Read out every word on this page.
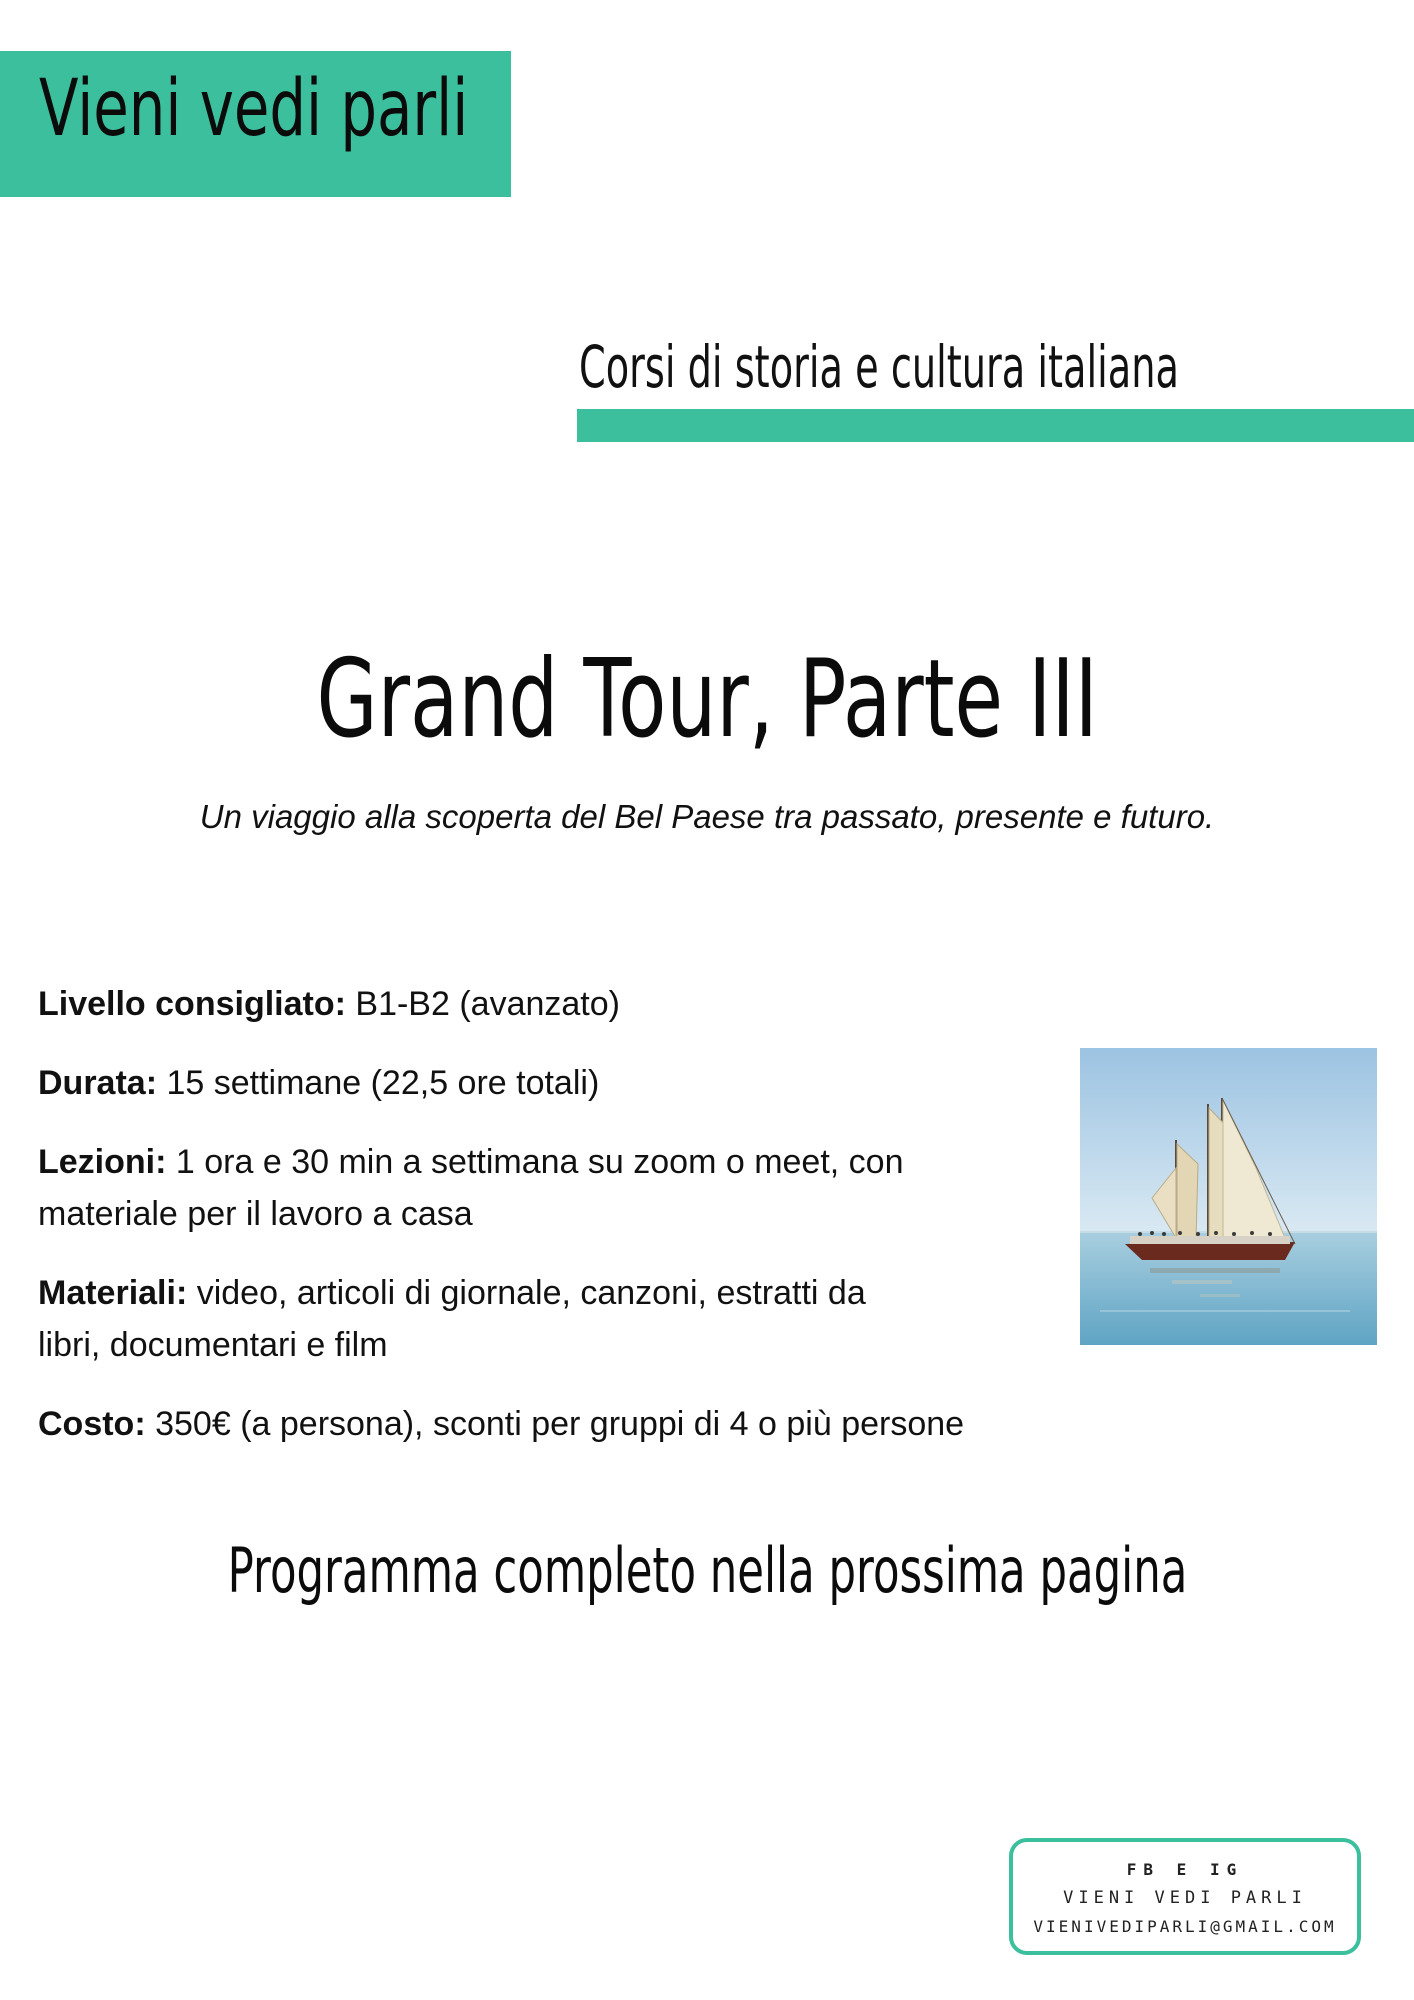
Vieni vedi parli
Corsi di storia e cultura italiana
Grand Tour, Parte III
Un viaggio alla scoperta del Bel Paese tra passato, presente e futuro.

Livello consigliato: B1-B2 (avanzato)

Durata: 15 settimane (22,5 ore totali)

Lezioni: 1 ora e 30 min a settimana su zoom o meet, con materiale per il lavoro a casa

Materiali: video, articoli di giornale, canzoni, estratti da libri, documentari e film

Costo: 350€ (a persona), sconti per gruppi di 4 o più persone

Programma completo nella prossima pagina
FB E IG
VIENI VEDI PARLI
VIENIVEDIPARLI@GMAIL.COM
